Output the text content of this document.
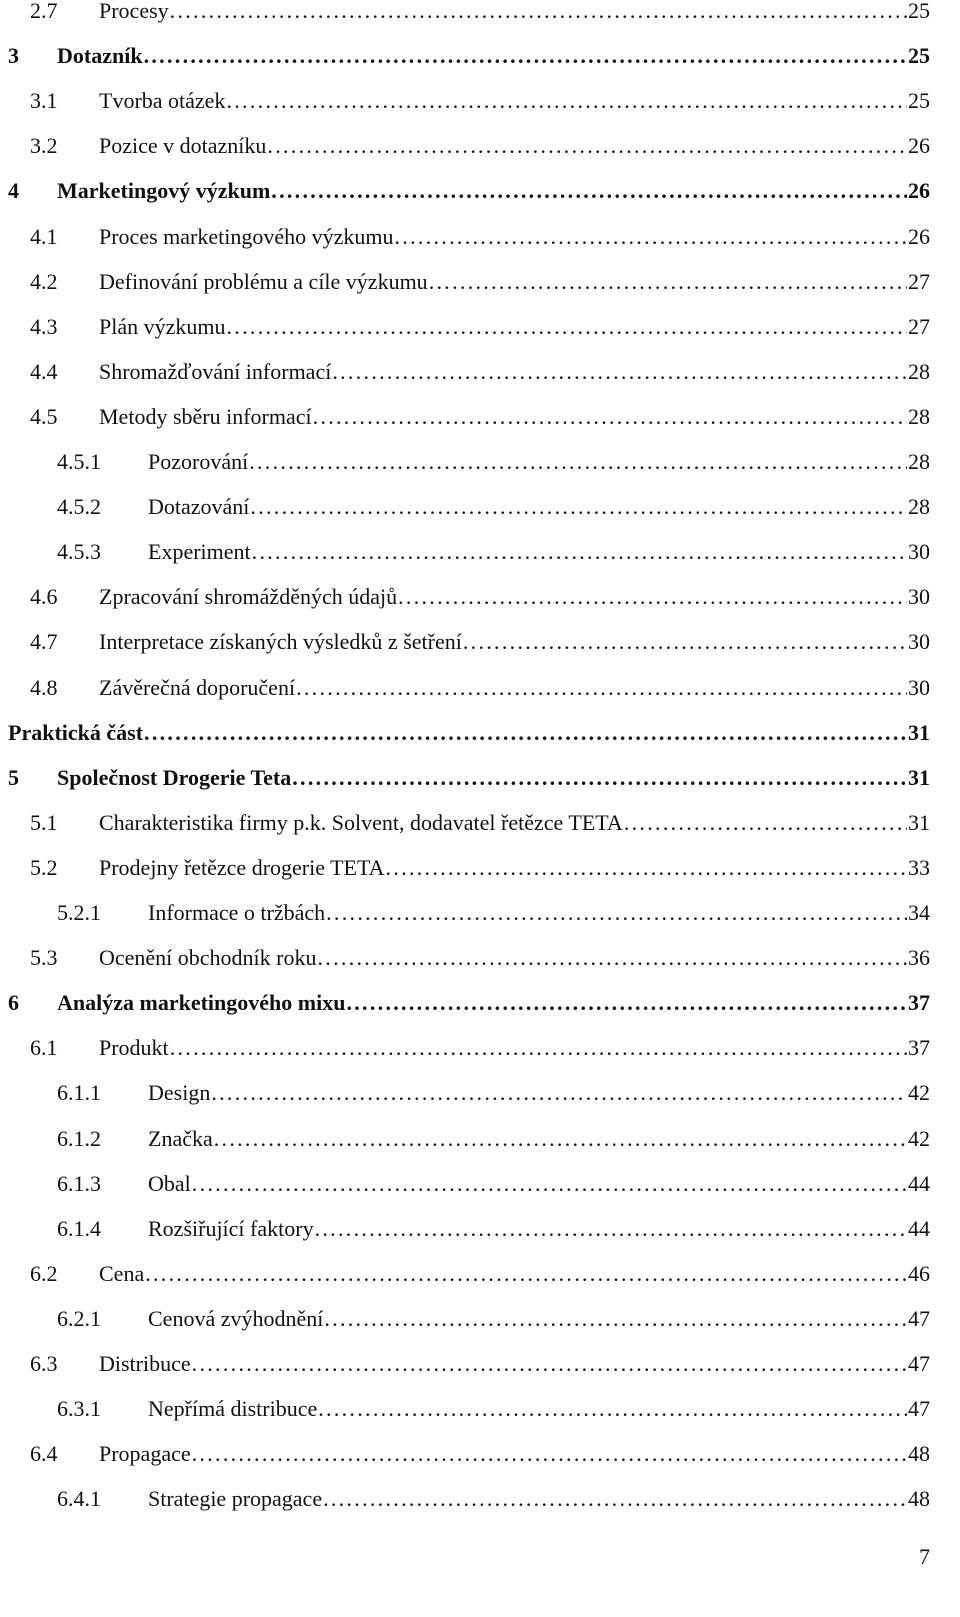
2.7 Procesy . . .	25
3 Dotazník . . .	25
3.1 Tvorba otázek . . .	25
3.2 Pozice v dotazníku . . .	26
4 Marketingový výzkum . . .	26
4.1 Proces marketingového výzkumu . . .	26
4.2 Definování problému a cíle výzkumu . . .	27
4.3 Plán výzkumu . . .	27
4.4 Shromažďování informací . . .	28
4.5 Metody sběru informací . . .	28
4.5.1 Pozorování . . .	28
4.5.2 Dotazování . . .	28
4.5.3 Experiment . . .	30
4.6 Zpracování shromážděných údajů . . .	30
4.7 Interpretace získaných výsledků z šetření . . .	30
4.8 Závěrečná doporučení . . .	30
Praktická část . . .	31
5 Společnost Drogerie Teta . . .	31
5.1 Charakteristika firmy p.k. Solvent, dodavatel řetězce TETA . . .	31
5.2 Prodejny řetězce drogerie TETA . . .	33
5.2.1 Informace o tržbách . . .	34
5.3 Ocenění obchodník roku . . .	36
6 Analýza marketingového mixu . . .	37
6.1 Produkt . . .	37
6.1.1 Design . . .	42
6.1.2 Značka . . .	42
6.1.3 Obal . . .	44
6.1.4 Rozšiřující faktory . . .	44
6.2 Cena . . .	46
6.2.1 Cenová zvýhodnění . . .	47
6.3 Distribuce . . .	47
6.3.1 Nepřímá distribuce . . .	47
6.4 Propagace . . .	48
6.4.1 Strategie propagace . . .	48
7
